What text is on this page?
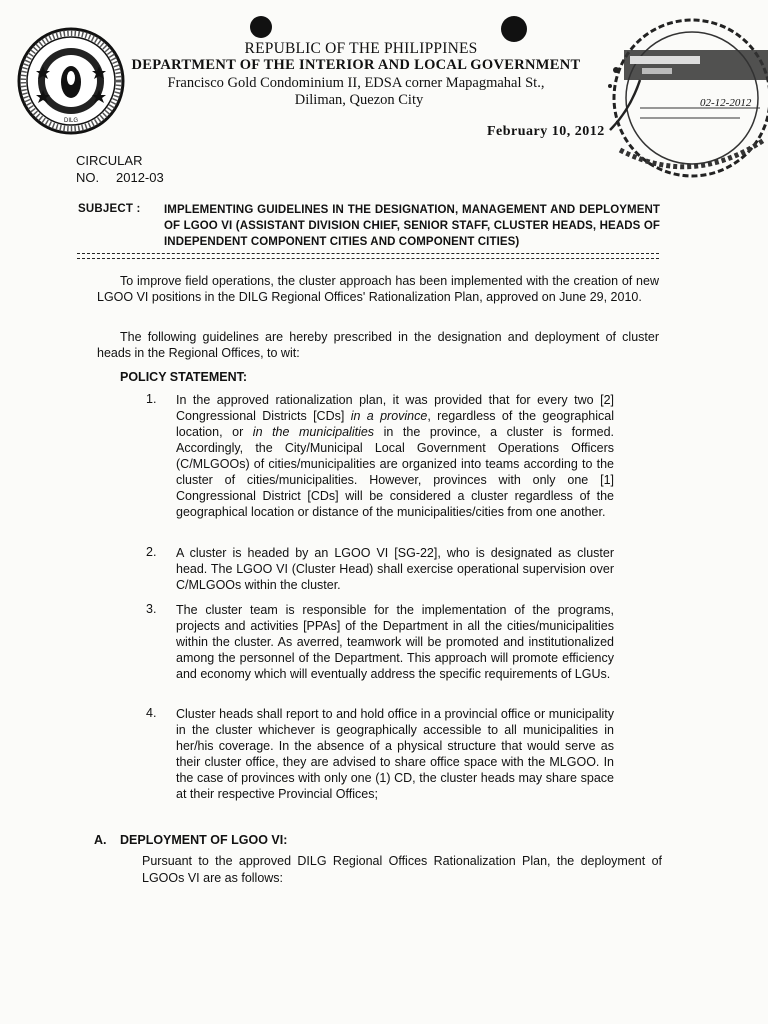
DILG
REPUBLIC OF THE PHILIPPINES
DEPARTMENT OF THE INTERIOR AND LOCAL GOVERNMENT
Francisco Gold Condominium II, EDSA corner Mapagmahal St.,
Diliman, Quezon City
February 10, 2012
02-12-2012
CIRCULAR
NO. 2012-03
SUBJECT : IMPLEMENTING GUIDELINES IN THE DESIGNATION, MANAGEMENT AND DEPLOYMENT OF LGOO VI (ASSISTANT DIVISION CHIEF, SENIOR STAFF, CLUSTER HEADS, HEADS OF INDEPENDENT COMPONENT CITIES AND COMPONENT CITIES)
To improve field operations, the cluster approach has been implemented with the creation of new LGOO VI positions in the DILG Regional Offices' Rationalization Plan, approved on June 29, 2010.
The following guidelines are hereby prescribed in the designation and deployment of cluster heads in the Regional Offices, to wit:
POLICY STATEMENT:
1. In the approved rationalization plan, it was provided that for every two [2] Congressional Districts [CDs] in a province, regardless of the geographical location, or in the municipalities in the province, a cluster is formed. Accordingly, the City/Municipal Local Government Operations Officers (C/MLGOOs) of cities/municipalities are organized into teams according to the cluster of cities/municipalities. However, provinces with only one [1] Congressional District [CDs] will be considered a cluster regardless of the geographical location or distance of the municipalities/cities from one another.
2. A cluster is headed by an LGOO VI [SG-22], who is designated as cluster head. The LGOO VI (Cluster Head) shall exercise operational supervision over C/MLGOOs within the cluster.
3. The cluster team is responsible for the implementation of the programs, projects and activities [PPAs] of the Department in all the cities/municipalities within the cluster. As averred, teamwork will be promoted and institutionalized among the personnel of the Department. This approach will promote efficiency and economy which will eventually address the specific requirements of LGUs.
4. Cluster heads shall report to and hold office in a provincial office or municipality in the cluster whichever is geographically accessible to all municipalities in her/his coverage. In the absence of a physical structure that would serve as their cluster office, they are advised to share office space with the MLGOO. In the case of provinces with only one (1) CD, the cluster heads may share space at their respective Provincial Offices;
A. DEPLOYMENT OF LGOO VI:
Pursuant to the approved DILG Regional Offices Rationalization Plan, the deployment of LGOOs VI are as follows:
